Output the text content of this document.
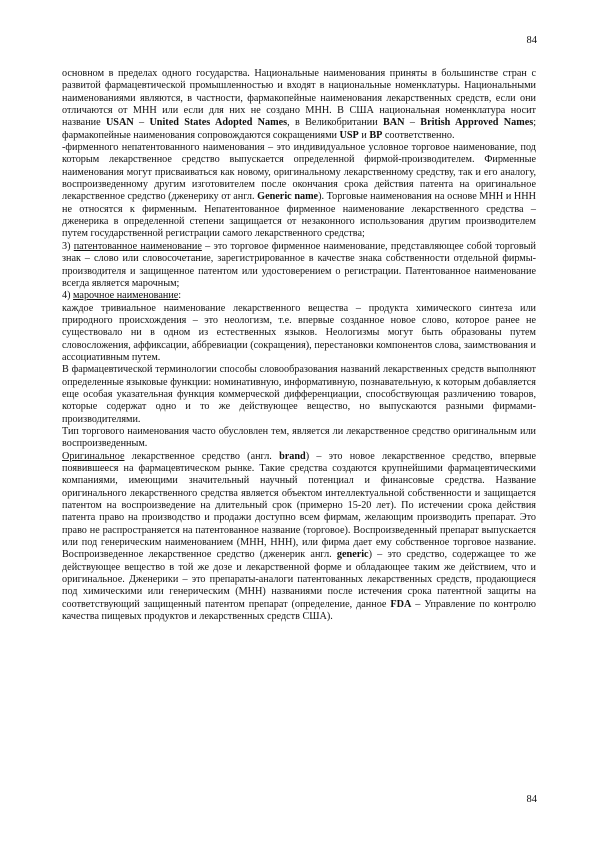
84

основном в пределах одного государства. Национальные наименования приняты в большинстве стран с развитой фармацевтической промышленностью и входят в национальные номенклатуры. Национальными наименованиями являются, в частности, фармакопейные наименования лекарственных средств, если они отличаются от МНН или если для них не создано МНН. В США национальная номенклатура носит название USAN – United States Adopted Names, в Великобритании BAN – British Approved Names; фармакопейные наименования сопровождаются сокращениями USP и BP соответственно.

-фирменного непатентованного наименования – это индивидуальное условное торговое наименование, под которым лекарственное средство выпускается определенной фирмой-производителем. Фирменные наименования могут присваиваться как новому, оригинальному лекарственному средству, так и его аналогу, воспроизведенному другим изготовителем после окончания срока действия патента на оригинальное лекарственное средство (дженерику от англ. Generic name). Торговые наименования на основе МНН и ННН не относятся к фирменным. Непатентованное фирменное наименование лекарственного средства – дженерика в определенной степени защищается от незаконного использования другим производителем путем государственной регистрации самого лекарственного средства;

3) патентованное наименование – это торговое фирменное наименование, представляющее собой торговый знак – слово или словосочетание, зарегистрированное в качестве знака собственности отдельной фирмы-производителя и защищенное патентом или удостоверением о регистрации. Патентованное наименование всегда является марочным;

4) марочное наименование:

каждое тривиальное наименование лекарственного вещества – продукта химического синтеза или природного происхождения – это неологизм, т.е. впервые созданное новое слово, которое ранее не существовало ни в одном из естественных языков. Неологизмы могут быть образованы путем словосложения, аффиксации, аббревиации (сокращения), перестановки компонентов слова, заимствования и ассоциативным путем.

В фармацевтической терминологии способы словообразования названий лекарственных средств выполняют определенные языковые функции: номинативную, информативную, познавательную, к которым добавляется еще особая указательная функция коммерческой дифференциации, способствующая различению товаров, которые содержат одно и то же действующее вещество, но выпускаются разными фирмами-производителями.

Тип торгового наименования часто обусловлен тем, является ли лекарственное средство оригинальным или воспроизведенным.

Оригинальное лекарственное средство (англ. brand) – это новое лекарственное средство, впервые появившееся на фармацевтическом рынке. Такие средства создаются крупнейшими фармацевтическими компаниями, имеющими значительный научный потенциал и финансовые средства. Название оригинального лекарственного средства является объектом интеллектуальной собственности и защищается патентом на воспроизведение на длительный срок (примерно 15-20 лет). По истечении срока действия патента право на производство и продажи доступно всем фирмам, желающим производить препарат. Это право не распространяется на патентованное название (торговое). Воспроизведенный препарат выпускается или под генерическим наименованием (МНН, ННН), или фирма дает ему собственное торговое название. Воспроизведенное лекарственное средство (дженерик англ. generic) – это средство, содержащее то же действующее вещество в той же дозе и лекарственной форме и обладающее таким же действием, что и оригинальное. Дженерики – это препараты-аналоги патентованных лекарственных средств, продающиеся под химическими или генерическим (МНН) названиями после истечения срока патентной защиты на соответствующий защищенный патентом препарат (определение, данное FDA – Управление по контролю качества пищевых продуктов и лекарственных средств США).

84
